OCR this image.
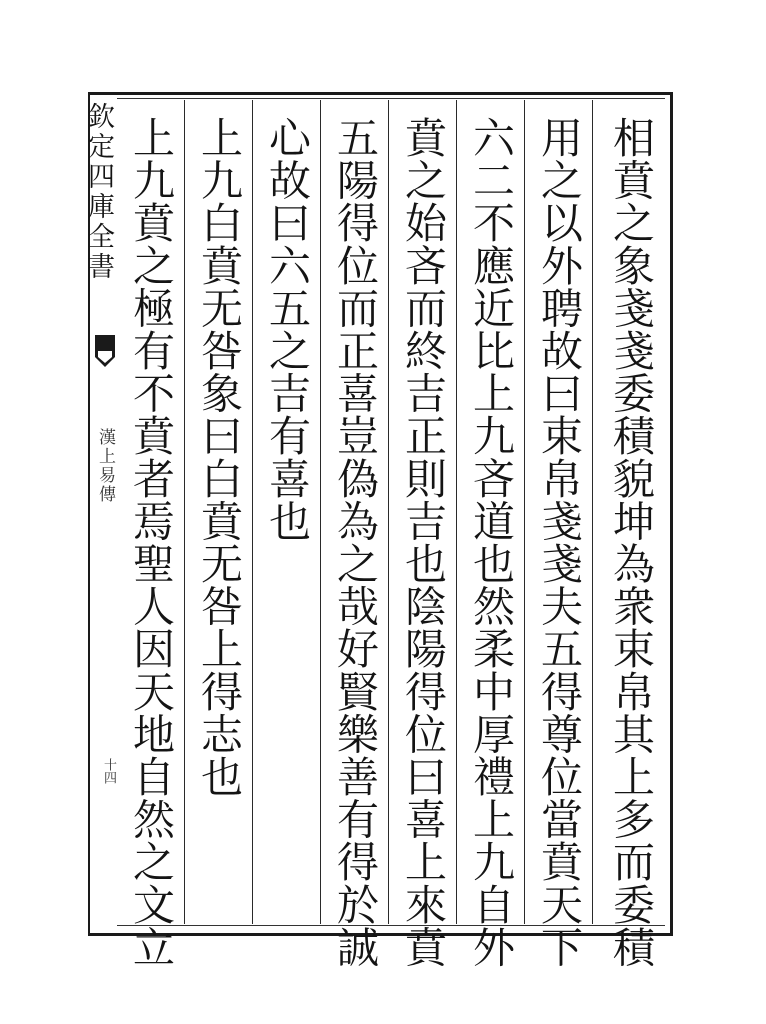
欽定四庫全書
漢上易傳
十四	相賁之象戔戔委積貌坤為衆束帛其上多而委積
用之以外聘故曰束帛戔戔夫五得尊位當賁天下
六二不應近比上九吝道也然柔中厚禮上九自外
賁之始吝而終吉正則吉也陰陽得位曰喜上來賁
五陽得位而正喜豈偽為之哉好賢樂善有得於誠
心故曰六五之吉有喜也
上九白賁无咎象曰白賁无咎上得志也
上九賁之極有不賁者焉聖人因天地自然之文立
